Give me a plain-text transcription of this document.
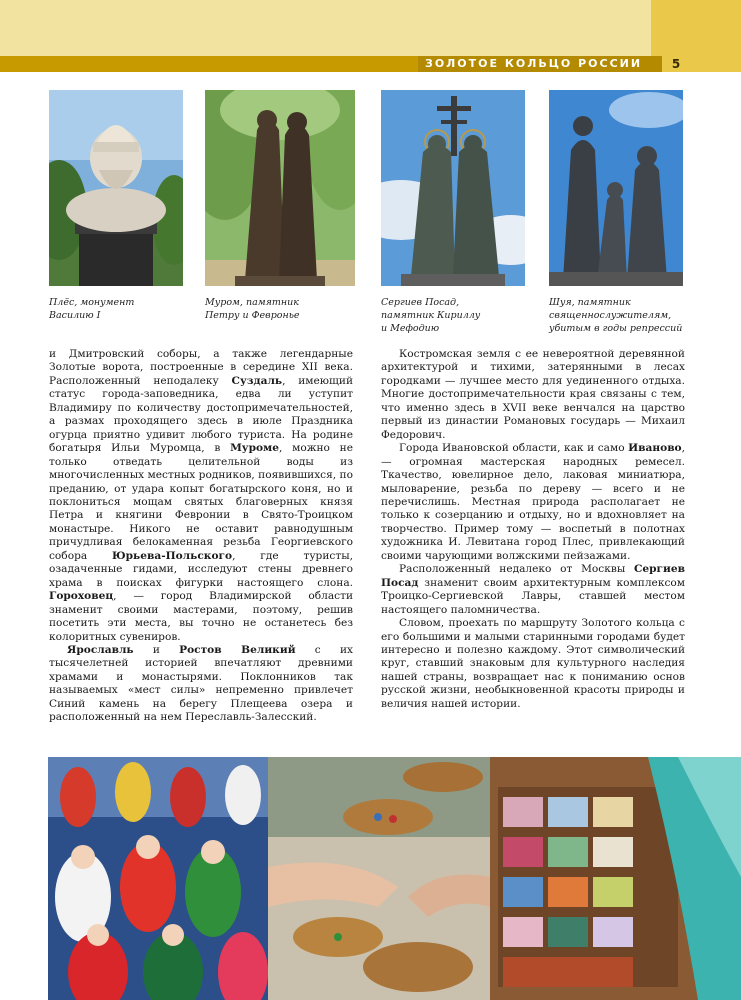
ЗОЛОТОЕ КОЛЬЦО РОССИИ	5
Плёс, монумент
Василию I
Муром, памятник
Петру и Февронье
Сергиев Посад,
памятник Кириллу
и Мефодию
Шуя, памятник
священнослужителям,
убитым в годы репрессий

и Дмитровский соборы, а также легендарные Золотые ворота, построенные в середине XII века. Расположенный неподалеку Суздаль, имеющий статус города-заповедника, едва ли уступит Владимиру по количеству достопримечательностей, а размах проходящего здесь в июле Праздника огурца приятно удивит любого туриста. На родине богатыря Ильи Муромца, в Муроме, можно не только отведать целительной воды из многочисленных местных родников, появившихся, по преданию, от удара копыт богатырского коня, но и поклониться мощам святых благоверных князя Петра и княгини Февронии в Свято-Троицком монастыре. Никого не оставит равнодушным причудливая белокаменная резьба Георгиевского собора Юрьева-Польского, где туристы, озадаченные гидами, исследуют стены древнего храма в поисках фигурки настоящего слона. Гороховец, — город Владимирской области знаменит своими мастерами, поэтому, решив посетить эти места, вы точно не останетесь без колоритных сувениров.

Ярославль и Ростов Великий с их тысячелетней историей впечатляют древними храмами и монастырями. Поклонников так называемых «мест силы» непременно привлечет Синий камень на берегу Плещеева озера и расположенный на нем Переславль-Залесский.

Костромская земля с ее невероятной деревянной архитектурой и тихими, затерянными в лесах городками — лучшее место для уединенного отдыха. Многие достопримечательности края связаны с тем, что именно здесь в XVII веке венчался на царство первый из династии Романовых государь — Михаил Федорович.

Города Ивановской области, как и само Иваново, — огромная мастерская народных ремесел. Ткачество, ювелирное дело, лаковая миниатюра, мыловарение, резьба по дереву — всего и не перечислишь. Местная природа располагает не только к созерцанию и отдыху, но и вдохновляет на творчество. Пример тому — воспетый в полотнах художника И. Левитана город Плес, привлекающий своими чарующими волжскими пейзажами.

Расположенный недалеко от Москвы Сергиев Посад знаменит своим архитектурным комплексом Троицко-Сергиевской Лавры, ставшей местом настоящего паломничества.

Словом, проехать по маршруту Золотого кольца с его большими и малыми старинными городами будет интересно и полезно каждому. Этот символический круг, ставший знаковым для культурного наследия нашей страны, возвращает нас к пониманию основ русской жизни, необыкновенной красоты природы и величия нашей истории.
